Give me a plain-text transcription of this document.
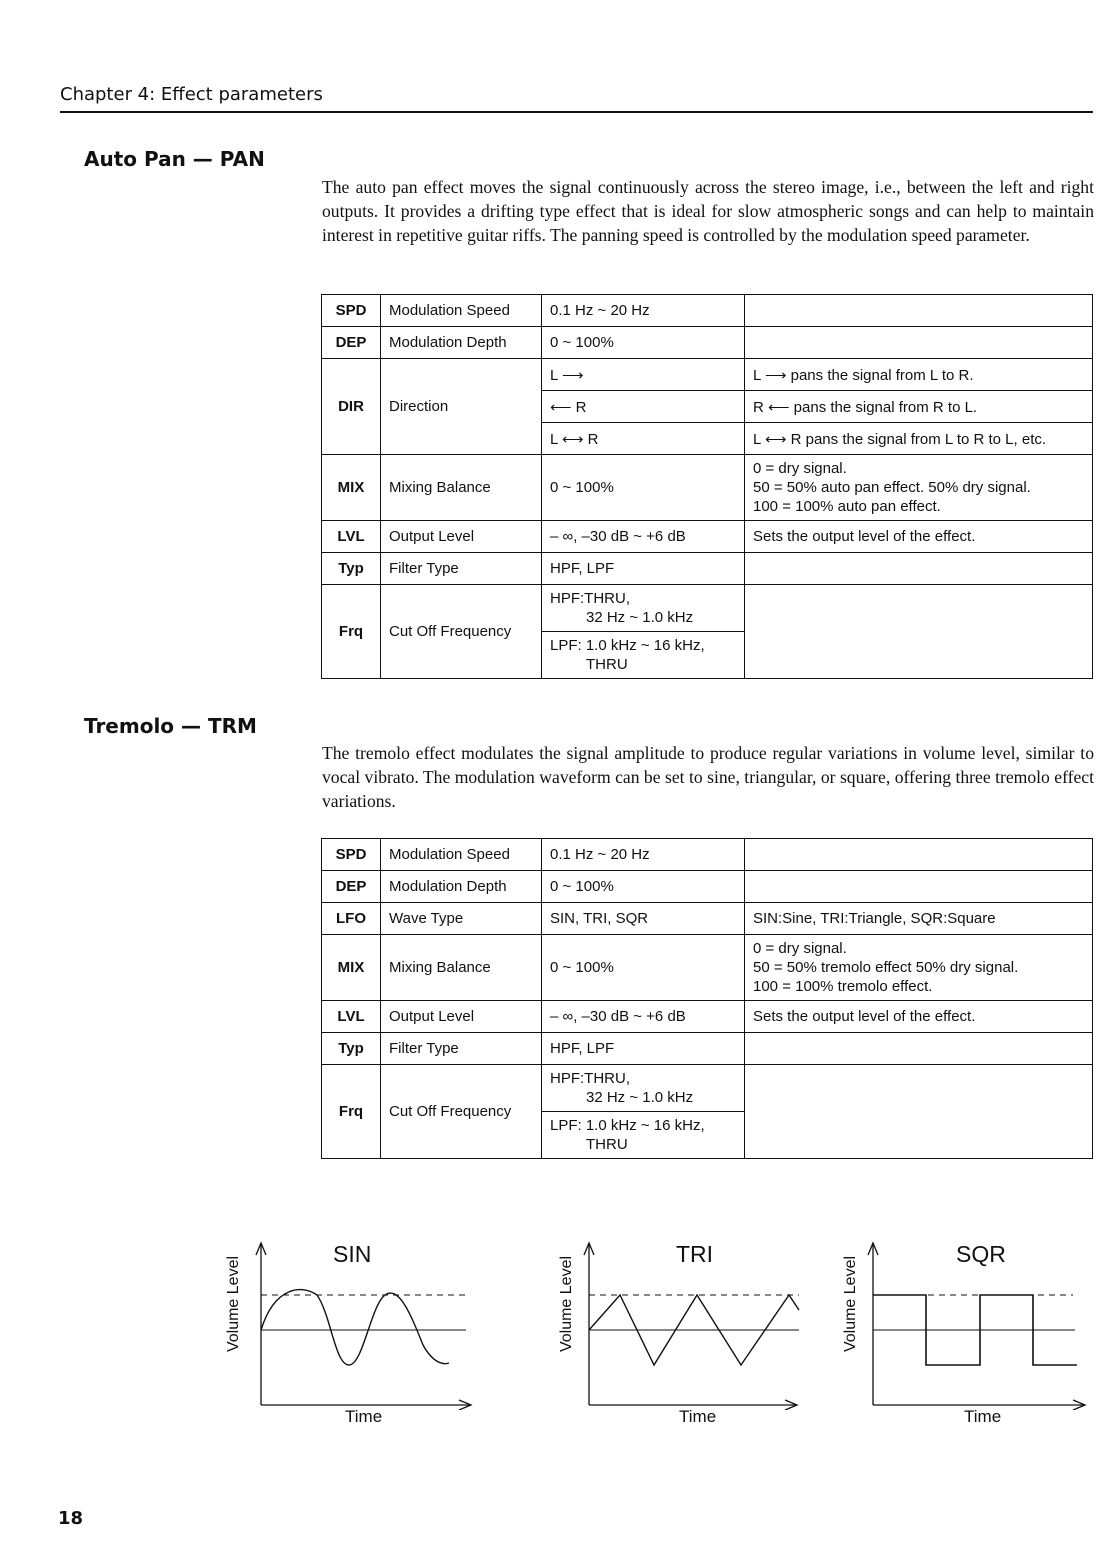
Chapter 4: Effect parameters
Auto Pan — PAN

The auto pan effect moves the signal continuously across the stereo image, i.e., between the left and right outputs. It provides a drifting type effect that is ideal for slow atmospheric songs and can help to maintain interest in repetitive guitar riffs. The panning speed is controlled by the modulation speed parameter.

SPD	Modulation Speed	0.1 Hz ~ 20 Hz	
DEP	Modulation Depth	0 ~ 100%	
DIR	Direction	L ⟶	L ⟶ pans the signal from L to R.
		⟵ R	R ⟵ pans the signal from R to L.
		L ⟷ R	L ⟷ R pans the signal from L to R to L, etc.
MIX	Mixing Balance	0 ~ 100%	0 = dry signal.
50 = 50% auto pan effect. 50% dry signal.
100 = 100% auto pan effect.

LVL	Output Level	– ∞, –30 dB ~ +6 dB	Sets the output level of the effect.
Typ	Filter Type	HPF, LPF	
Frq	Cut Off Frequency	HPF:THRU,
32 Hz ~ 1.0 kHz	

		LPF: 1.0 kHz ~ 16 kHz,
THRU	
Tremolo — TRM

The tremolo effect modulates the signal amplitude to produce regular variations in volume level, similar to vocal vibrato. The modulation waveform can be set to sine, triangular, or square, offering three tremolo effect variations.

SPD	Modulation Speed	0.1 Hz ~ 20 Hz	
DEP	Modulation Depth	0 ~ 100%	
LFO	Wave Type	SIN, TRI, SQR	SIN:Sine, TRI:Triangle, SQR:Square
MIX	Mixing Balance	0 ~ 100%	0 = dry signal.
50 = 50% tremolo effect 50% dry signal.
100 = 100% tremolo effect.

LVL	Output Level	– ∞, –30 dB ~ +6 dB	Sets the output level of the effect.
Typ	Filter Type	HPF, LPF	
Frq	Cut Off Frequency	HPF:THRU,
32 Hz ~ 1.0 kHz	

		LPF: 1.0 kHz ~ 16 kHz,
THRU	
SIN
Volume Level
Time
TRI
Volume Level
Time
SQR
Volume Level
Time
18
